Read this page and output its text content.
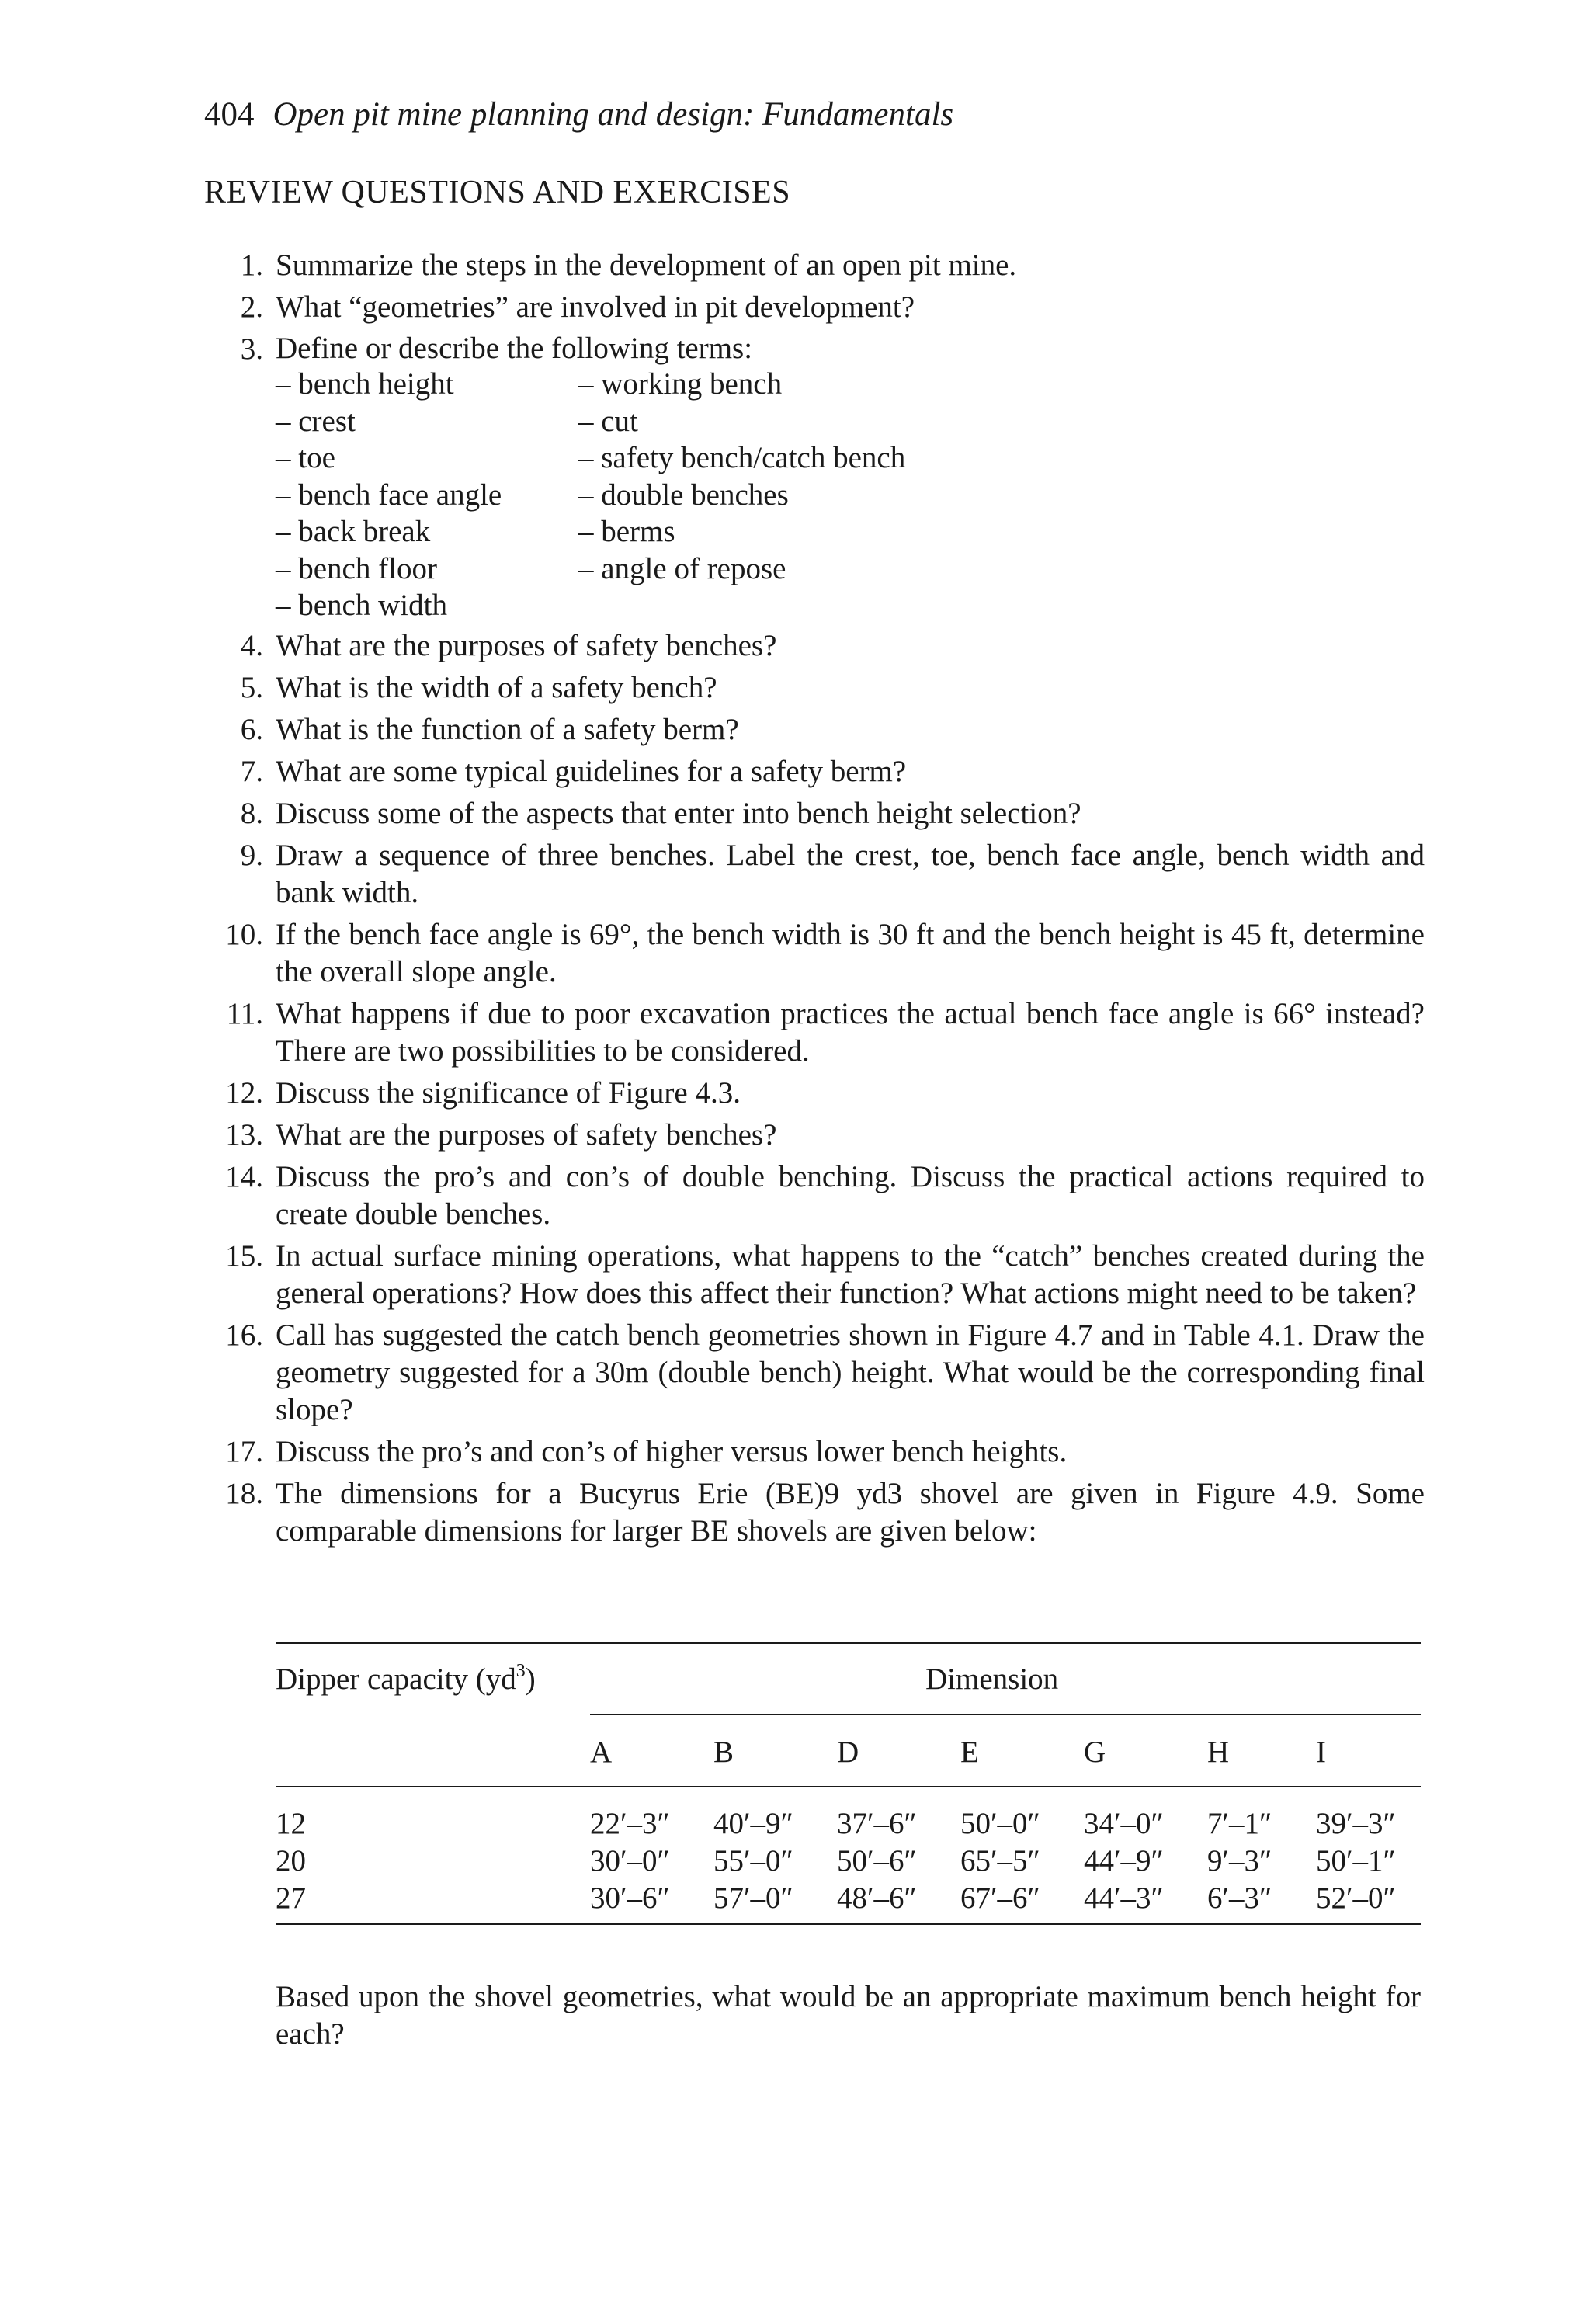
404 Open pit mine planning and design: Fundamentals
REVIEW QUESTIONS AND EXERCISES
1. Summarize the steps in the development of an open pit mine.
2. What “geometries” are involved in pit development?
3. Define or describe the following terms:
– bench height	– working bench
– crest	– cut
– toe	– safety bench/catch bench
– bench face angle	– double benches
– back break	– berms
– bench floor	– angle of repose
– bench width
4. What are the purposes of safety benches?
5. What is the width of a safety bench?
6. What is the function of a safety berm?
7. What are some typical guidelines for a safety berm?
8. Discuss some of the aspects that enter into bench height selection?
9. Draw a sequence of three benches. Label the crest, toe, bench face angle, bench width and bank width.
10. If the bench face angle is 69°, the bench width is 30 ft and the bench height is 45 ft, determine the overall slope angle.
11. What happens if due to poor excavation practices the actual bench face angle is 66° instead? There are two possibilities to be considered.
12. Discuss the significance of Figure 4.3.
13. What are the purposes of safety benches?
14. Discuss the pro’s and con’s of double benching. Discuss the practical actions required to create double benches.
15. In actual surface mining operations, what happens to the “catch” benches created during the general operations? How does this affect their function? What actions might need to be taken?
16. Call has suggested the catch bench geometries shown in Figure 4.7 and in Table 4.1. Draw the geometry suggested for a 30m (double bench) height. What would be the corresponding final slope?
17. Discuss the pro’s and con’s of higher versus lower bench heights.
18. The dimensions for a Bucyrus Erie (BE)9 yd3 shovel are given in Figure 4.9. Some comparable dimensions for larger BE shovels are given below:
Dipper capacity $(yd^3)$	Dimension
A	B	D	E	G	H	I
12	22′–3″ 40′–9″ 37′–6″ 50′–0″ 34′–0″ 7′–1″ 39′–3″
20	30′–0″ 55′–0″ 50′–6″ 65′–5″ 44′–9″ 9′–3″ 50′–1″
27	30′–6″ 57′–0″ 48′–6″ 67′–6″ 44′–3″ 6′–3″ 52′–0″
Based upon the shovel geometries, what would be an appropriate maximum bench height for each?
